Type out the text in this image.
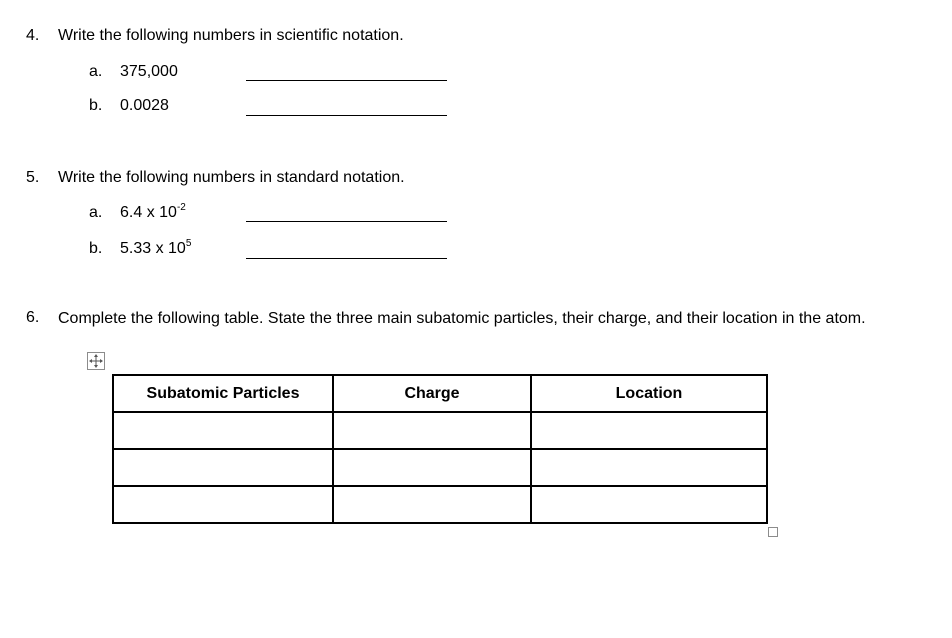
4. Write the following numbers in scientific notation.
a. 375,000
b. 0.0028
5. Write the following numbers in standard notation.
a. 6.4 x $10^{-2}$
b. 5.33 x $10^5$
6. Complete the following table. State the three main subatomic particles, their charge, and their location in the atom.
Subatomic Particles	Charge	Location
